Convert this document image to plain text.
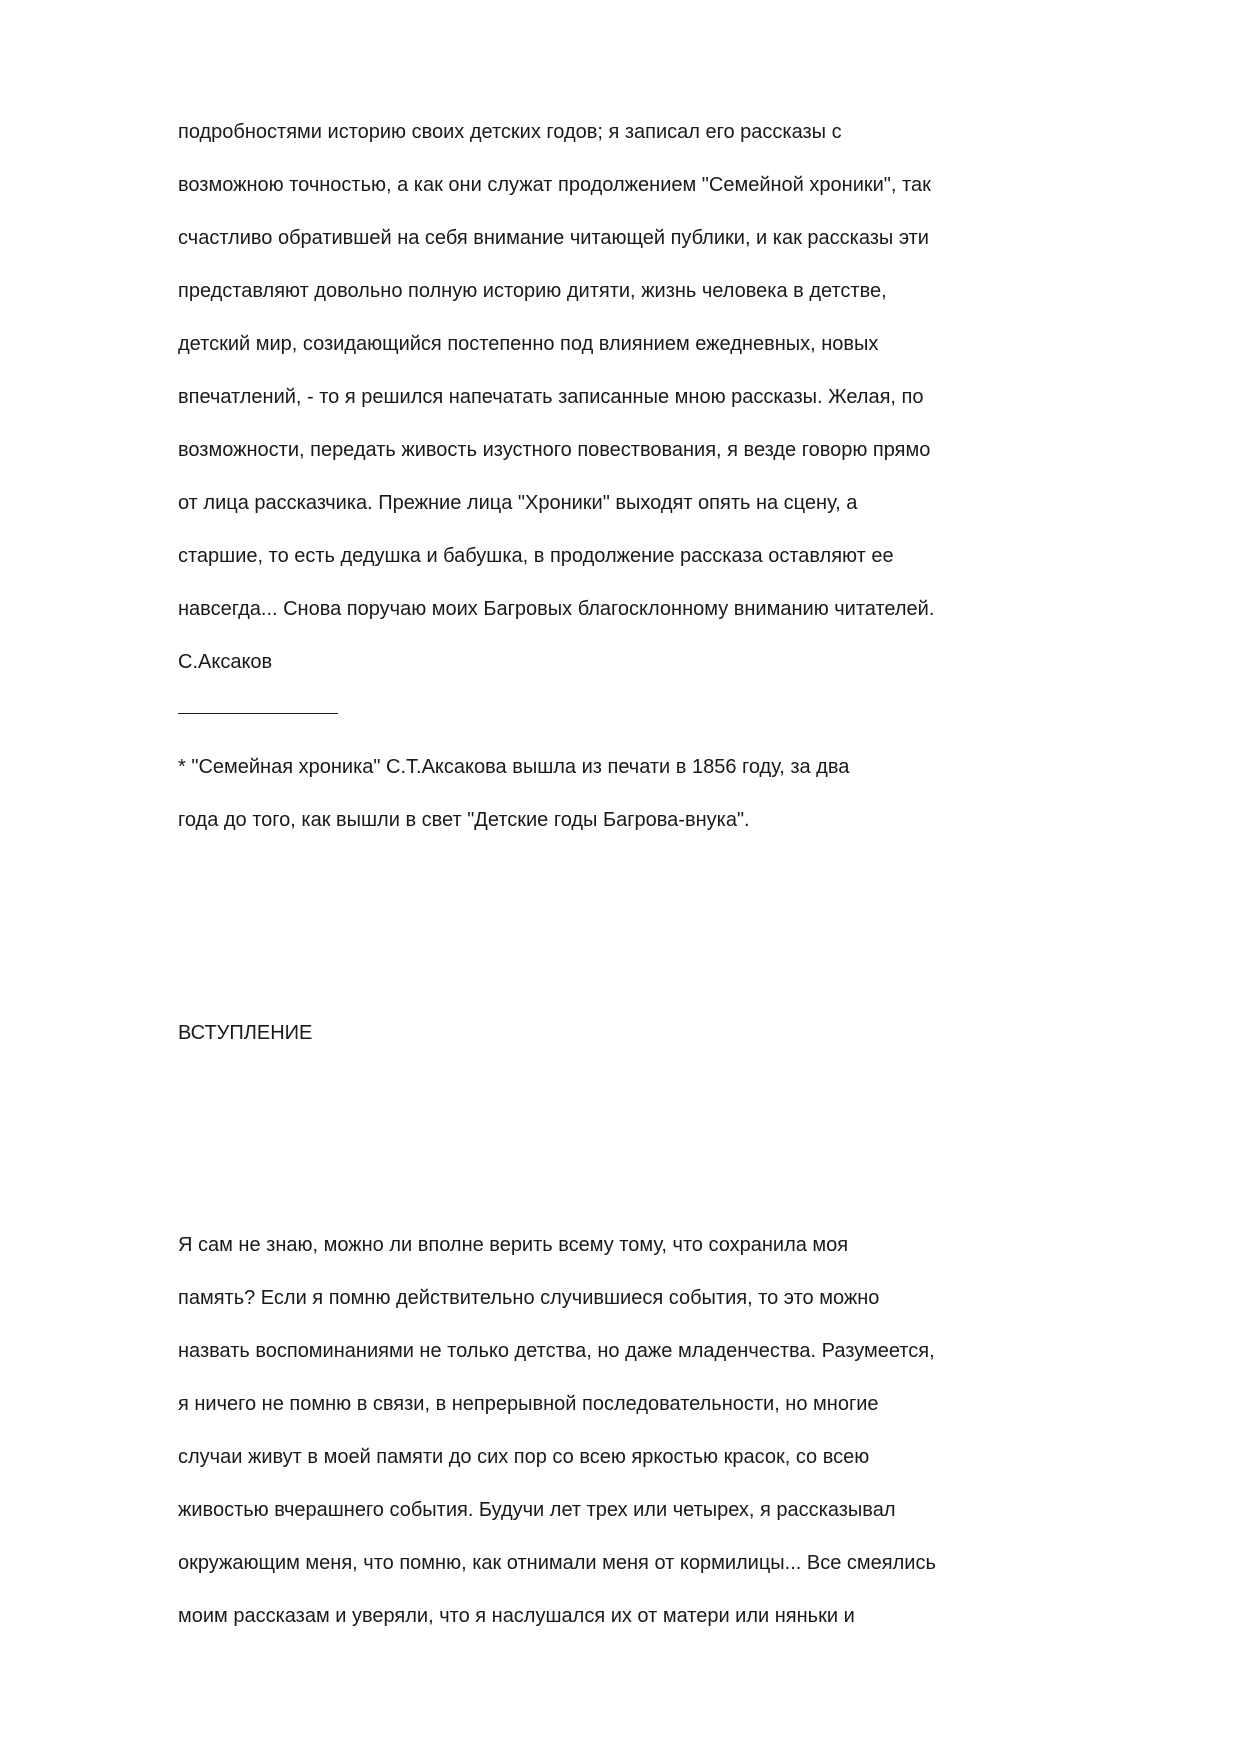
подробностями историю своих детских годов; я записал его рассказы с
возможною точностью, а как они служат продолжением "Семейной хроники", так
счастливо обратившей на себя внимание читающей публики, и как рассказы эти
представляют довольно полную историю дитяти, жизнь человека в детстве,
детский мир, созидающийся постепенно под влиянием ежедневных, новых
впечатлений, - то я решился напечатать записанные мною рассказы. Желая, по
возможности, передать живость изустного повествования, я везде говорю прямо
от лица рассказчика. Прежние лица "Хроники" выходят опять на сцену, а
старшие, то есть дедушка и бабушка, в продолжение рассказа оставляют ее
навсегда... Снова поручаю моих Багровых благосклонному вниманию читателей.
С.Аксаков
* "Семейная хроника" С.Т.Аксакова вышла из печати в 1856 году, за два
года до того, как вышли в свет "Детские годы Багрова-внука".
ВСТУПЛЕНИЕ
Я сам не знаю, можно ли вполне верить всему тому, что сохранила моя
память? Если я помню действительно случившиеся события, то это можно
назвать воспоминаниями не только детства, но даже младенчества. Разумеется,
я ничего не помню в связи, в непрерывной последовательности, но многие
случаи живут в моей памяти до сих пор со всею яркостью красок, со всею
живостью вчерашнего события. Будучи лет трех или четырех, я рассказывал
окружающим меня, что помню, как отнимали меня от кормилицы... Все смеялись
моим рассказам и уверяли, что я наслушался их от матери или няньки и
